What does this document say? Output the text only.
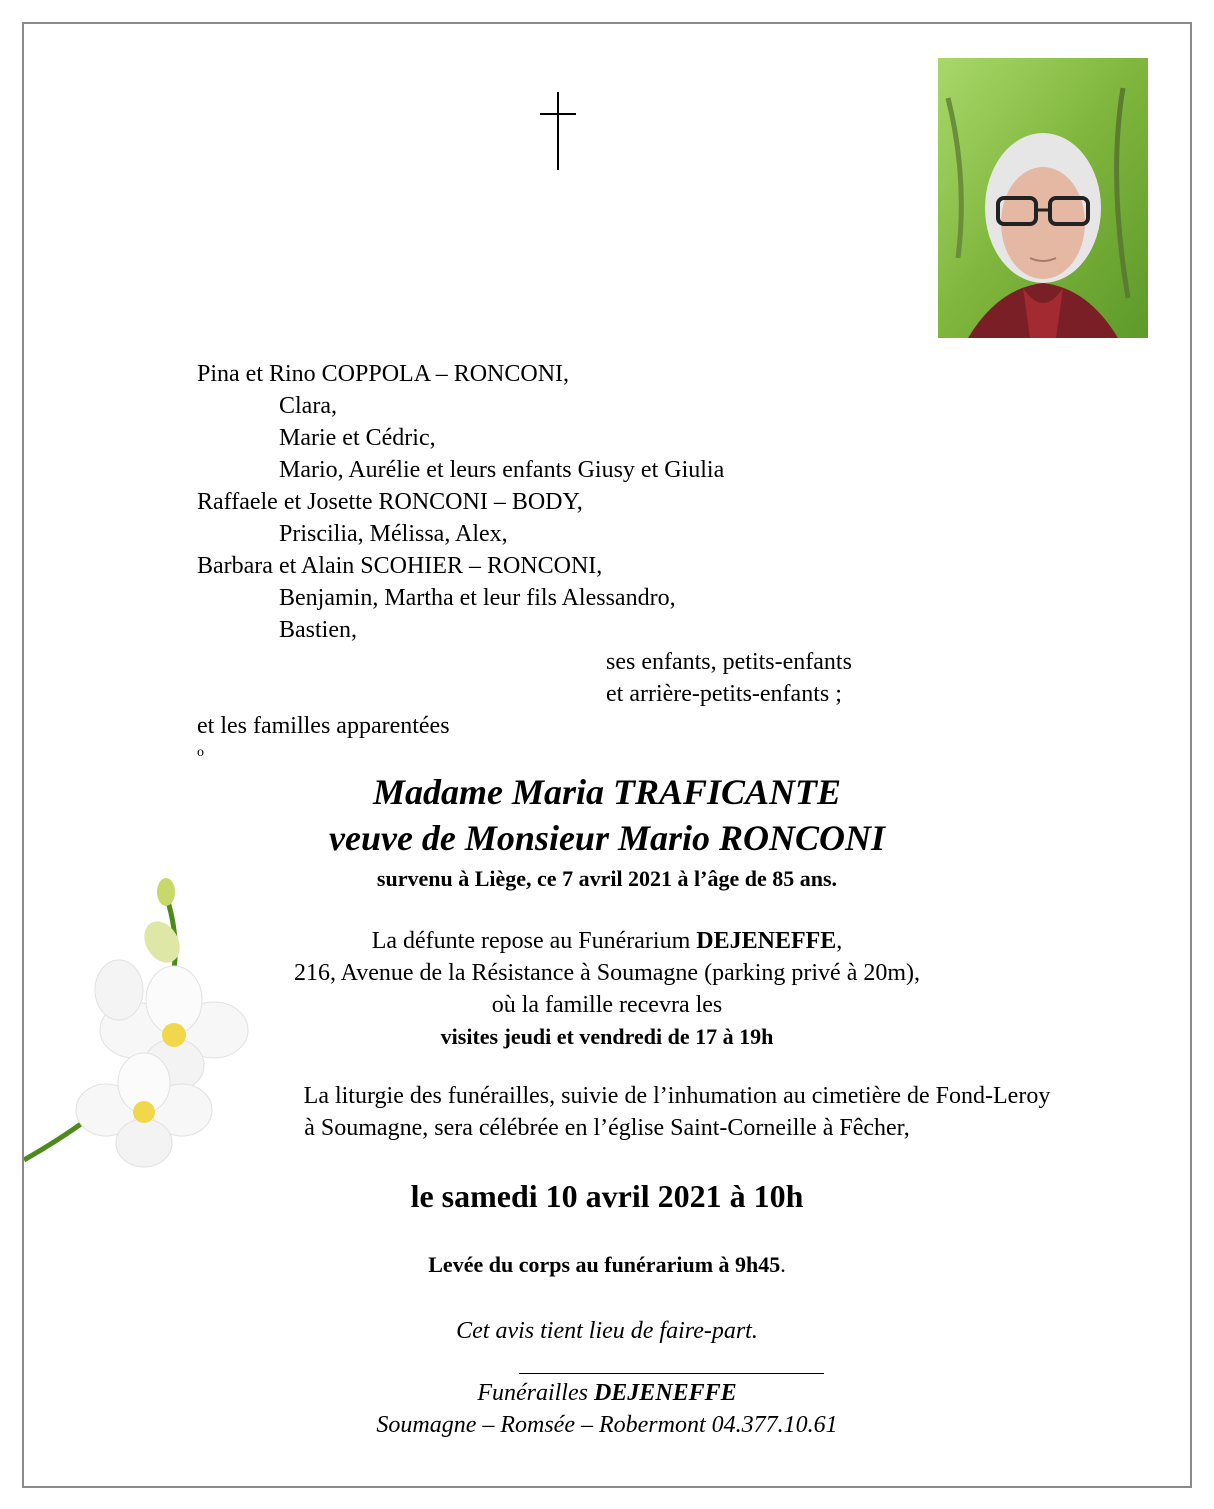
Pina et Rino COPPOLA – RONCONI,
Clara,
Marie et Cédric,
Mario, Aurélie et leurs enfants Giusy et Giulia
Raffaele et Josette RONCONI – BODY,
Priscilia, Mélissa, Alex,
Barbara et Alain SCOHIER – RONCONI,
Benjamin, Martha et leur fils Alessandro,
Bastien,
ses enfants, petits-enfants
et arrière-petits-enfants ;
et les familles apparentées
o
Madame Maria TRAFICANTE
veuve de Monsieur Mario RONCONI
survenu à Liège, ce 7 avril 2021 à l’âge de 85 ans.
La défunte repose au Funérarium DEJENEFFE,
216, Avenue de la Résistance à Soumagne (parking privé à 20m),
où la famille recevra les
visites jeudi et vendredi de 17 à 19h
La liturgie des funérailles, suivie de l’inhumation au cimetière de Fond-Leroy
à Soumagne, sera célébrée en l’église Saint-Corneille à Fêcher,
le samedi 10 avril 2021 à 10h
Levée du corps au funérarium à 9h45.
Cet avis tient lieu de faire-part.
Funérailles DEJENEFFE
Soumagne – Romsée – Robermont 04.377.10.61
